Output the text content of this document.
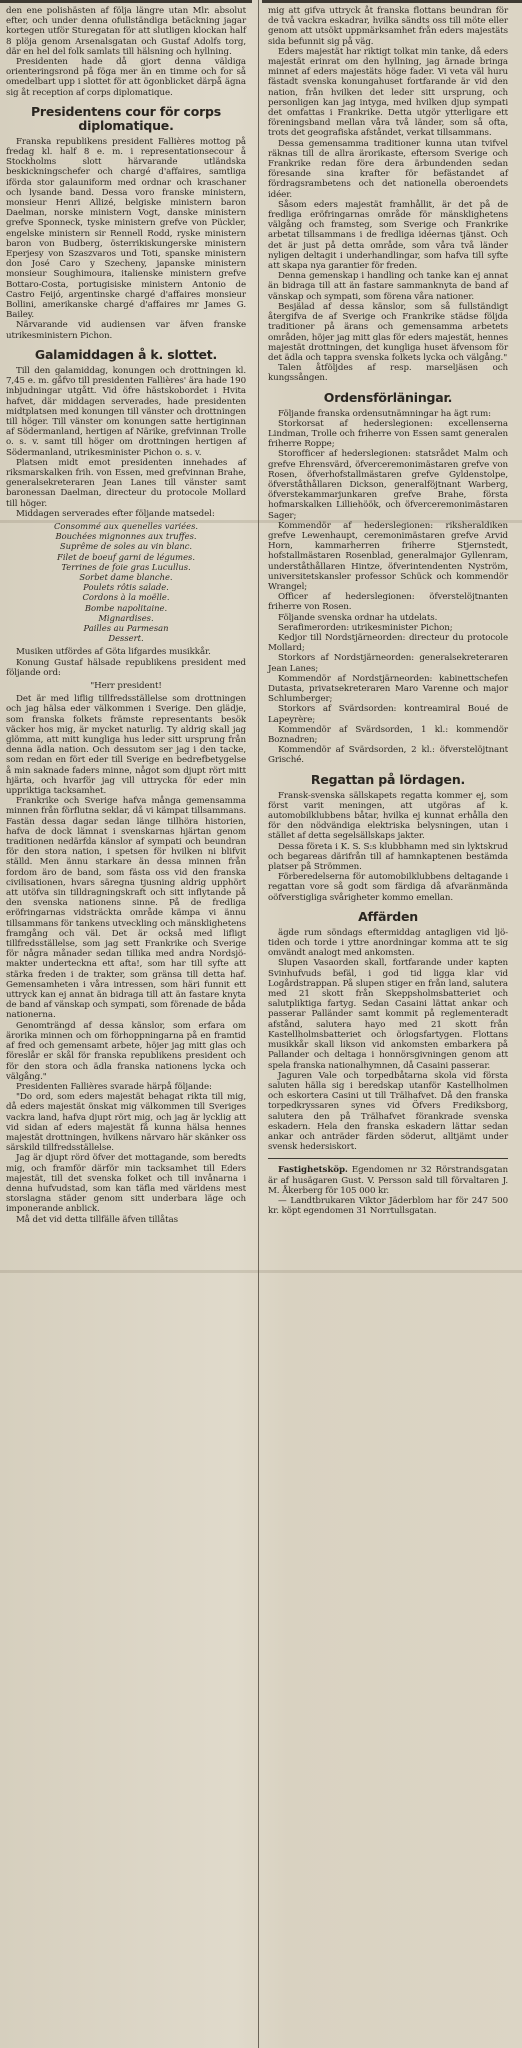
den ene polishästen af följa längre utan Mlr. absolut efter, och under denna ofullständiga betäckning jagar kortegen utför Sturegatan för att slutligen klockan half 8 plöja genom Arsenalsgatan och Gustaf Adolfs torg, där en hel del folk samlats till hälsning och hyllning.

Presidenten hade då gjort denna väldiga orienteringsrond på föga mer än en timme och for så omedelbart upp i slottet för att ögonblicket därpå ägna sig åt reception af corps diplomatique.

Presidentens cour för corps diplomatique.

Franska republikens president Fallières mottog på fredag kl. half 8 e. m. i representationsecour å Stockholms slott härvarande utländska beskickningschefer och chargé d'affaires, samtliga iförda stor galauniform med ordnar och kraschaner och lysande band. Dessa voro franske ministern, monsieur Henri Allizé, belgiske ministern baron Daelman, norske ministern Vogt, danske ministern grefve Sponneck, tyske ministern grefve von Pückler, engelske ministern sir Rennell Rodd, ryske ministern baron von Budberg, österrikiskungerske ministern Eperjesy von Szaszvaros und Toti, spanske ministern don José Caro y Szecheny, japanske ministern monsieur Soughimoura, italienske ministern grefve Bottaro-Costa, portugisiske ministern Antonio de Castro Feijó, argentinske chargé d'affaires monsieur Bollini, amerikanske chargé d'affaires mr James G. Bailey.

Närvarande vid audiensen var äfven franske utrikesministern Pichon.

Galamiddagen å k. slottet.

Till den galamiddag, konungen och drottningen kl. 7,45 e. m. gåfvo till presidenten Fallières' ära hade 190 inbjudningar utgått. Vid öfre hästskobordet i Hvita hafvet, där middagen serverades, hade presidenten midtplatsen med konungen till vänster och drottningen till höger. Till vänster om konungen satte hertiginnan af Södermanland, hertigen af Närike, grefvinnan Trolle o. s. v. samt till höger om drottningen hertigen af Södermanland, utrikesminister Pichon o. s. v.

Platsen midt emot presidenten innehades af riksmarskalken frih. von Essen, med grefvinnan Brahe, generalsekreteraren Jean Lanes till vänster samt baronessan Daelman, directeur du protocole Mollard till höger.

Middagen serverades efter följande matsedel:

Consommé aux quenelles variées.
Bouchées mignonnes aux truffes.
Suprême de soles au vin blanc.
Filet de boeuf garni de légumes.
Terrines de foie gras Lucullus.
Sorbet dame blanche.
Poulets rôtis salade.
Cordons à la moëlle.
Bombe napolitaine.
Mignardises.
Pailles au Parmesan
Dessert.

Musiken utfördes af Göta lifgardes musikkår.

Konung Gustaf hälsade republikens president med följande ord:

"Herr president!

Det är med liflig tillfredsställelse som drottningen och jag hälsa eder välkommen i Sverige. Den glädje, som franska folkets främste representants besök väcker hos mig, är mycket naturlig. Ty aldrig skall jag glömma, att mitt kungliga hus leder sitt ursprung från denna ädla nation. Och dessutom ser jag i den tacke, som redan en fört eder till Sverige en bedrefbetygelse å min saknade faders minne, något som djupt rört mitt hjärta, och hvarför jag vill uttrycka för eder min uppriktiga tacksamhet.

Frankrike och Sverige hafva många gemensamma minnen från förflutna seklar, då vi kämpat tillsammans. Fastän dessa dagar sedan länge tillhöra historien, hafva de dock lämnat i svenskarnas hjärtan genom traditionen nedärfda känslor af sympati och beundran för den stora nation, i spetsen för hvilken ni blifvit ställd. Men ännu starkare än dessa minnen från fordom äro de band, som fästa oss vid den franska civilisationen, hvars säregna tjusning aldrig upphört att utöfva sin tilldragningskraft och sitt inflytande på den svenska nationens sinne. På de fredliga eröfringarnas vidsträckta område kämpa vi ännu tillsammans för tankens utveckling och mänsklighetens framgång och väl. Det är också med lifligt tillfredsställelse, som jag sett Frankrike och Sverige för några månader sedan tillika med andra Nordsjö-makter underteckna ett afta!, som har till syfte att stärka freden i de trakter, som gränsa till detta haf. Gemensamheten i våra intressen, som häri funnit ett uttryck kan ej annat än bidraga till att än fastare knyta de band af vänskap och sympati, som förenade de båda nationerna.

Genomträngd af dessa känslor, som erfara om ärorika minnen och om förhoppningarna på en framtid af fred och gemensamt arbete, höjer jag mitt glas och föreslår er skål för franska republikens president och för den stora och ädla franska nationens lycka och välgång."

Presidenten Fallières svarade härpå följande:

"Do ord, som eders majestät behagat rikta till mig, då eders majestät önskat mig välkommen till Sveriges vackra land, hafva djupt rört mig, och jag är lycklig att vid sidan af eders majestät få kunna hälsa hennes majestät drottningen, hvilkens närvaro här skänker oss särskild tillfredsställelse.

Jag är djupt rörd öfver det mottagande, som beredts mig, och framför därför min tacksamhet till Eders majestät, till det svenska folket och till invånarna i denna hufvudstad, som kan täfla med världens mest storslagna städer genom sitt underbara läge och imponerande anblick.

Må det vid detta tillfälle äfven tillåtas

mig att gifva uttryck åt franska flottans beundran för de två vackra eskadrar, hvilka sändts oss till möte eller genom att utsökt uppmärksamhet från eders majestäts sida befunnit sig på väg.

Eders majestät har riktigt tolkat min tanke, då eders majestät erinrat om den hyllning, jag ärnade bringa minnet af eders majestäts höge fader. Vi veta väl huru fästadt svenska konungahuset fortfarande är vid den nation, från hvilken det leder sitt ursprung, och personligen kan jag intyga, med hvilken djup sympati det omfattas i Frankrike. Detta utgör ytterligare ett föreningsband mellan våra två länder, som så ofta, trots det geografiska afståndet, verkat tillsammans.

Dessa gemensamma traditioner kunna utan tvifvel räknas till de allra ärorikaste, eftersom Sverige och Frankrike redan före dera ärbundenden sedan föresande sina krafter för befästandet af fördragsrambetens och det nationella oberoendets idéer.

Såsom eders majestät framhållit, är det på de fredliga eröfringarnas område för mänsklighetens välgång och framsteg, som Sverige och Frankrike arbetat tillsammans i de fredliga idéernas tjänst. Och det är just på detta område, som våra två länder nyligen deltagit i underhandlingar, som hafva till syfte att skapa nya garantier för freden.

Denna gemenskap i handling och tanke kan ej annat än bidraga till att än fastare sammanknyta de band af vänskap och sympati, som förena våra nationer.

Besjälad af dessa känslor, som så fullständigt återgifva de af Sverige och Frankrike städse följda traditioner på ärans och gemensamma arbetets områden, höjer jag mitt glas för eders majestät, hennes majestät drottningen, det kungliga huset äfvensom för det ädla och tappra svenska folkets lycka och välgång."

Talen åtföljdes af resp. marseljäsen och kungssången.

Ordensförläningar.

Följande franska ordensutnämningar ha ägt rum:

Storkorsat af hederslegionen: excellenserna Lindman, Trolle och friherre von Essen samt generalen friherre Roppe;

Storofficer af hederslegionen: statsrådet Malm och grefve Ehrensvärd, öfverceremonimästaren grefve von Rosen, öfverhofstallmästaren grefve Gyldenstolpe, öfverståthållaren Dickson, generalföjtnant Warberg, öfverstekammarjunkaren grefve Brahe, första hofmarskalken Lilliehöök, och öfverceremonimästaren Sager;

Kommendör af hederslegionen: riksheraldiken grefve Lewenhaupt, ceremonimästaren grefve Arvid Horn, kammarherren friherre Stjernstedt, hofstallmästaren Rosenblad, generalmajor Gyllenram, underståthållaren Hintze, öfverintendenten Nyström, universitetskansler professor Schück och kommendör Wrangel;

Officer af hederslegionen: öfverstelöjtnanten friherre von Rosen.

Följande svenska ordnar ha utdelats.

Serafimerorden: utrikesminister Pichon;

Kedjor till Nordstjärneorden: directeur du protocole Mollard;

Storkors af Nordstjärneorden: generalsekreteraren Jean Lanes;

Kommendör af Nordstjärneorden: kabinettschefen Dutasta, privatsekreteraren Maro Varenne och major Schlumberger;

Storkors af Svärdsorden: kontreamiral Boué de Lapeyrère;

Kommendör af Svärdsorden, 1 kl.: kommendör Boznadren;

Kommendör af Svärdsorden, 2 kl.: öfverstelöjtnant Grisché.

Regattan på lördagen.

Fransk-svenska sällskapets regatta kommer ej, som först varit meningen, att utgöras af k. automobilklubbens båtar, hvilka ej kunnat erhålla den för den nödvändiga elektriska belysningen, utan i stället af detta segelsällskaps jakter.

Dessa företa i K. S. S:s klubbhamn med sin lyktskrud och begareas därifrån till af hamnkaptenen bestämda platser på Strömmen.

Förberedelserna för automobilklubbens deltagande i regattan vore så godt som färdiga då afvaränmända oöfverstigliga svårigheter kommo emellan.

Affärden

ägde rum söndags eftermiddag antagligen vid ljö-tiden och torde i yttre anordningar komma att te sig omvändt analogt med ankomsten.

Slupen Vasaorden skall, fortfarande under kapten Svinhufvuds befäl, i god tid ligga klar vid Logårdstrappan. På slupen stiger en från land, salutera med 21 skott från Skeppsholmsbatteriet och salutpliktiga fartyg. Sedan Casaini lättat ankar och passerar Palländer samt kommit på reglementeradt afstånd, salutera hayo med 21 skott från Kastellholmsbatteriet och örlogsfartygen. Flottans musikkår skall likson vid ankomsten embarkera på Pallander och deltaga i honnörsgivningen genom att spela franska nationalhymnen, då Casaini passerar.

Jaguren Vale och torpedbåtarna skola vid första saluten hälla sig i beredskap utanför Kastellholmen och eskortera Casini ut till Trälhafvet. Då den franska torpedkryssaren synes vid Öfvers Frediksborg, salutera den på Trälhafvet förankrade svenska eskadern. Hela den franska eskadern lättar sedan ankar och anträder färden söderut, alltjämt under svensk hedersiskort.

Fastighetsköp. Egendomen nr 32 Rörstrandsgatan är af husägaren Gust. V. Persson sald till förvaltaren J. M. Åkerberg för 105 000 kr.

— Landtbrukaren Viktor Jäderblom har för 247 500 kr. köpt egendomen 31 Norrtullsgatan.
